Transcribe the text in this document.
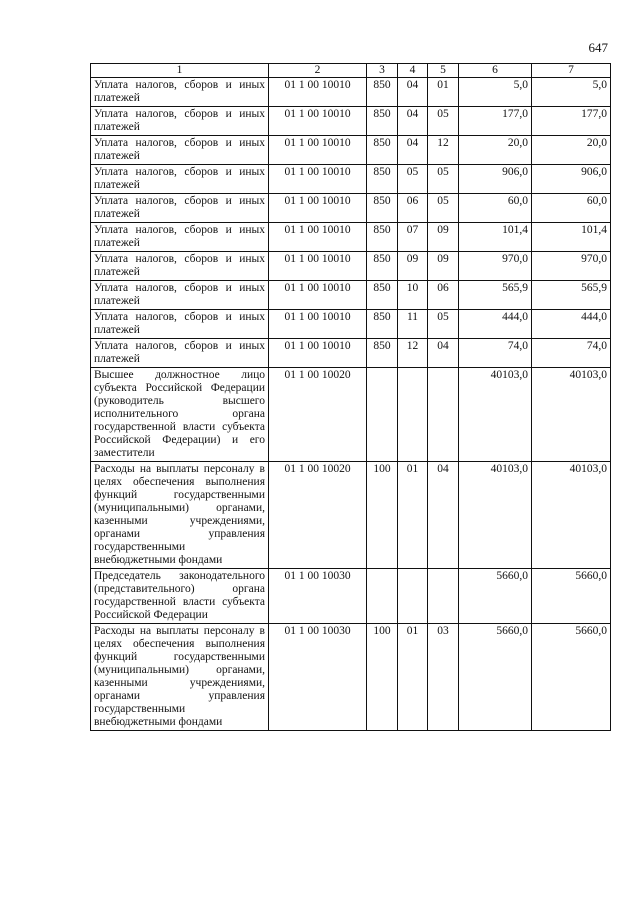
647
1	2	3	4	5	6	7
Уплата налогов, сборов и иных платежей	01 1 00 10010	850	04	01	5,0	5,0
Уплата налогов, сборов и иных платежей	01 1 00 10010	850	04	05	177,0	177,0
Уплата налогов, сборов и иных платежей	01 1 00 10010	850	04	12	20,0	20,0
Уплата налогов, сборов и иных платежей	01 1 00 10010	850	05	05	906,0	906,0
Уплата налогов, сборов и иных платежей	01 1 00 10010	850	06	05	60,0	60,0
Уплата налогов, сборов и иных платежей	01 1 00 10010	850	07	09	101,4	101,4
Уплата налогов, сборов и иных платежей	01 1 00 10010	850	09	09	970,0	970,0
Уплата налогов, сборов и иных платежей	01 1 00 10010	850	10	06	565,9	565,9
Уплата налогов, сборов и иных платежей	01 1 00 10010	850	11	05	444,0	444,0
Уплата налогов, сборов и иных платежей	01 1 00 10010	850	12	04	74,0	74,0
Высшее должностное лицо субъекта Российской Федерации (руководитель высшего исполнительного органа государственной власти субъекта Российской Федерации) и его заместители	01 1 00 10020				40103,0	40103,0
Расходы на выплаты персоналу в целях обеспечения выполнения функций государственными (муниципальными) органами, казенными учреждениями, органами управления государственными внебюджетными фондами	01 1 00 10020	100	01	04	40103,0	40103,0
Председатель законодательного (представительного) органа государственной власти субъекта Российской Федерации	01 1 00 10030				5660,0	5660,0
Расходы на выплаты персоналу в целях обеспечения выполнения функций государственными (муниципальными) органами, казенными учреждениями, органами управления государственными внебюджетными фондами	01 1 00 10030	100	01	03	5660,0	5660,0
